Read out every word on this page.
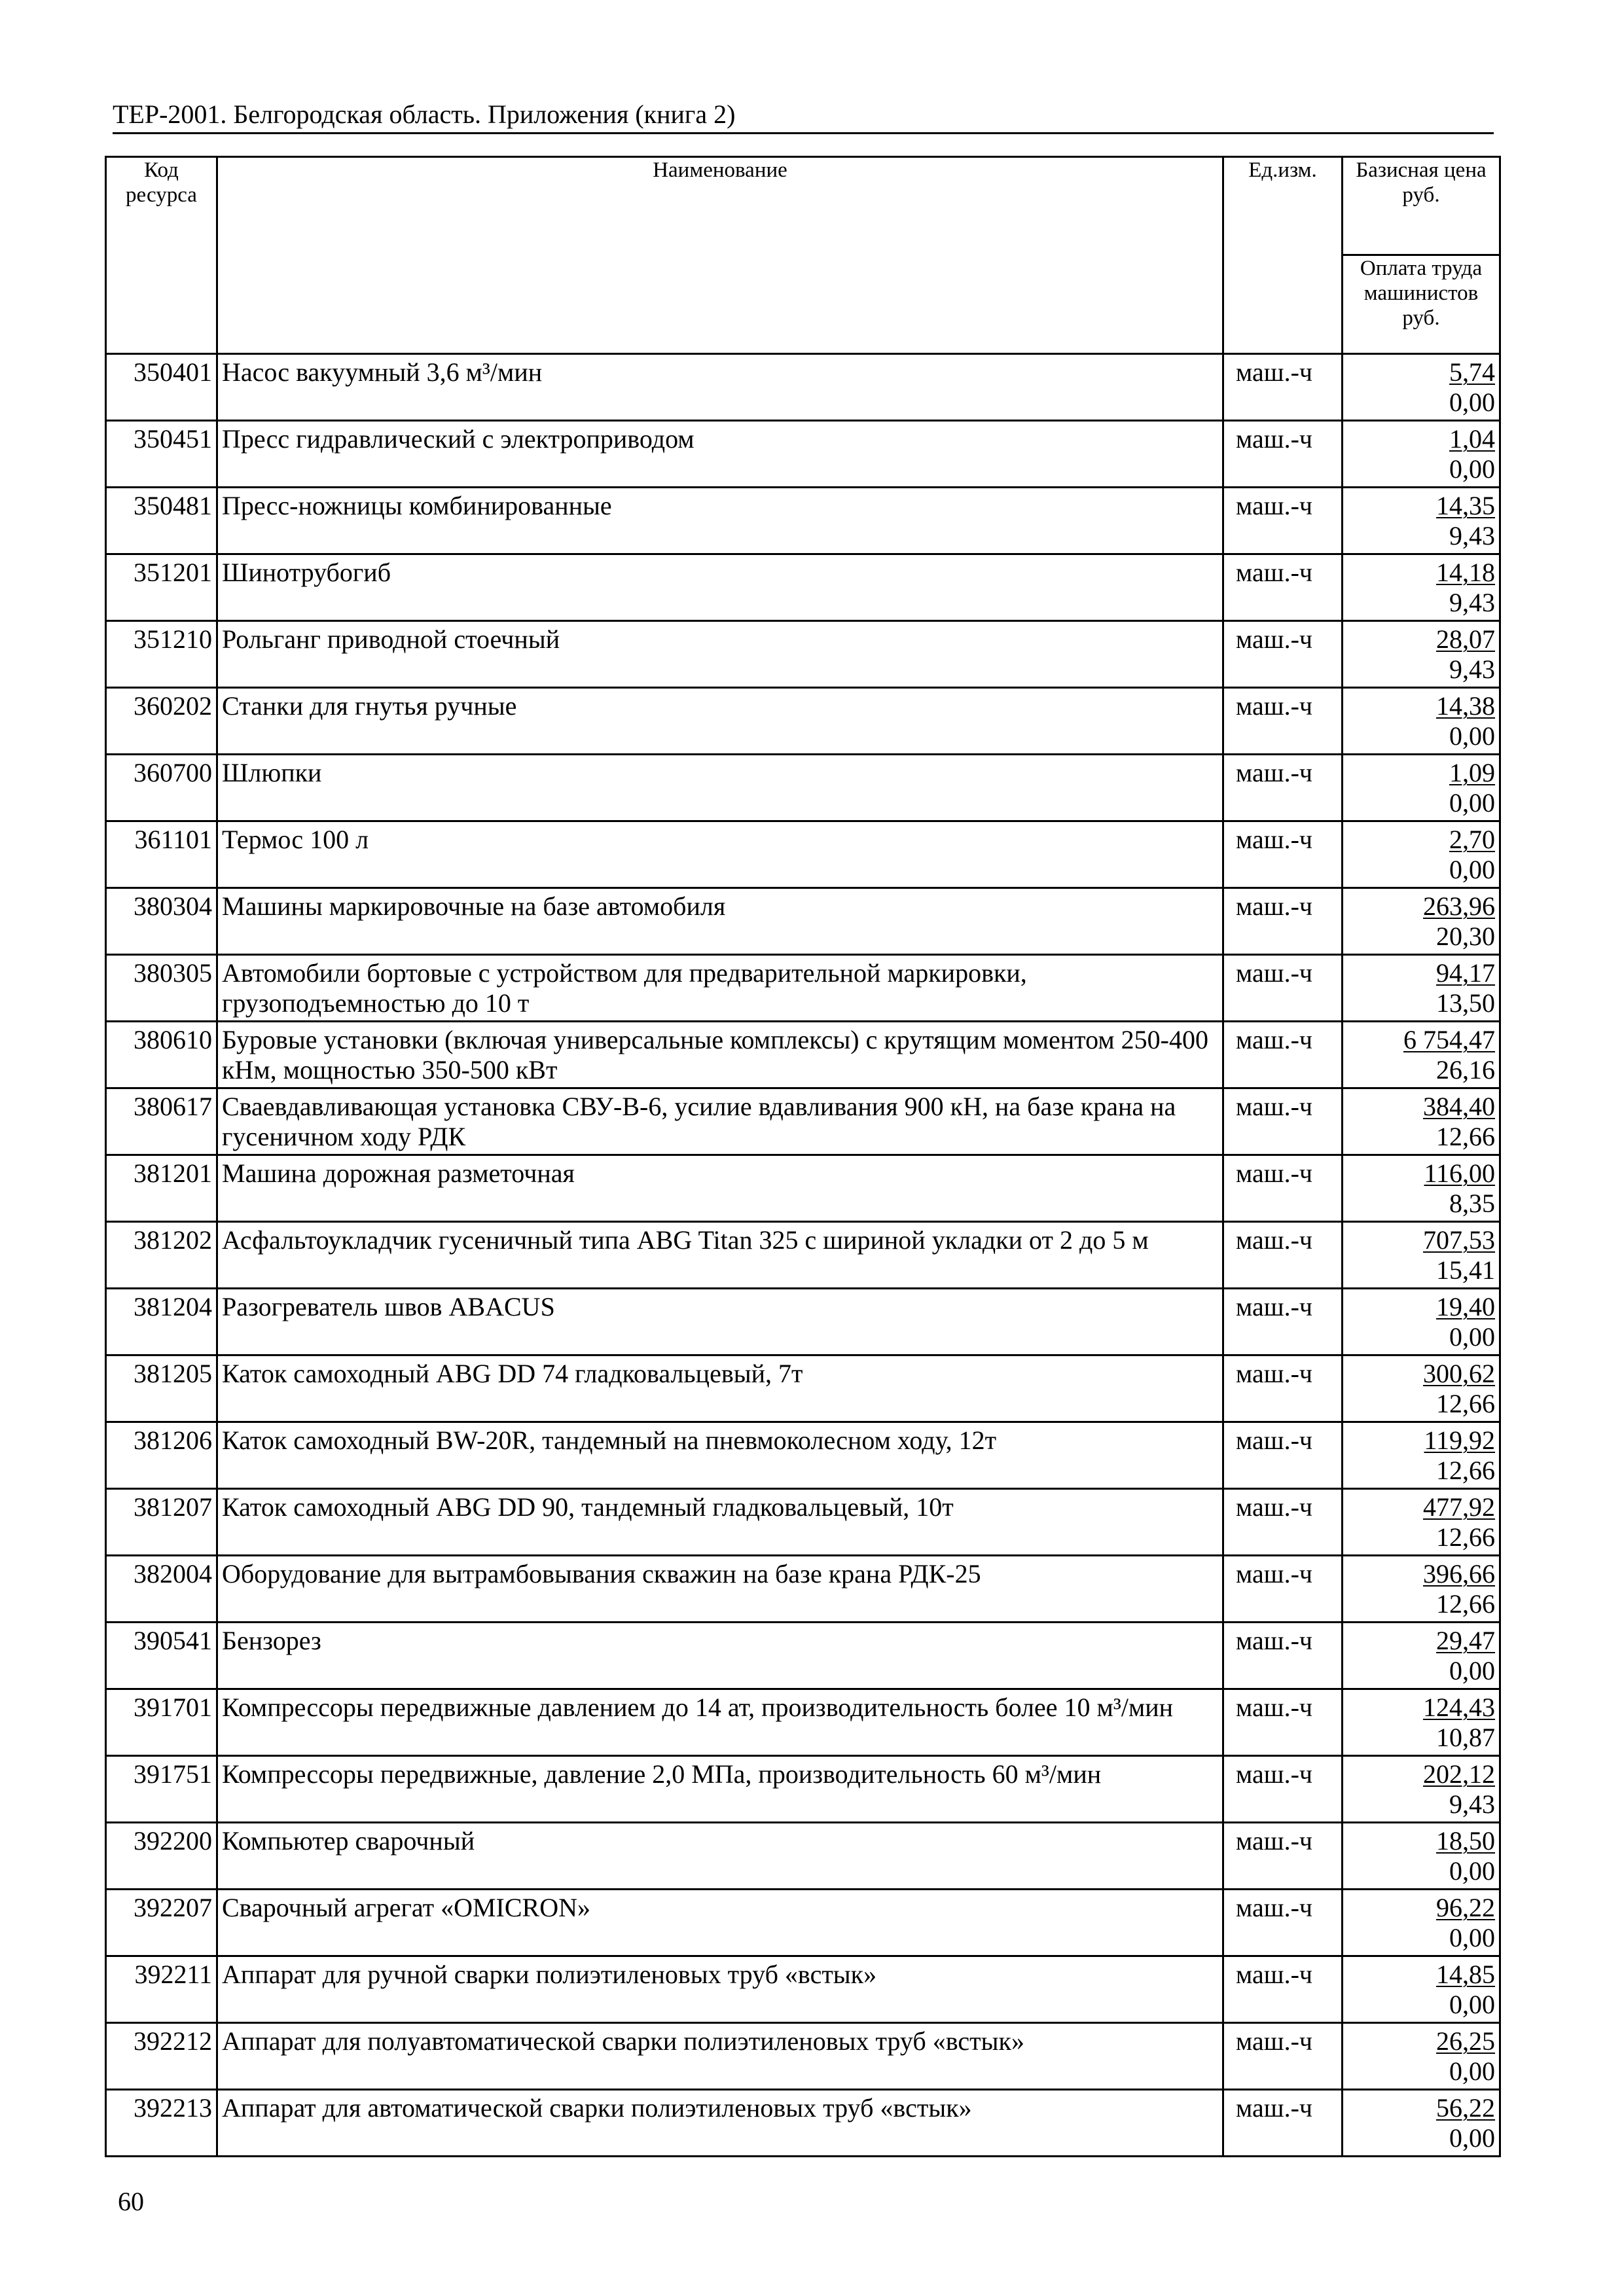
ТЕР-2001. Белгородская область. Приложения (книга 2)
Код ресурса	Наименование	Ед.изм.	Базисная цена руб.
			Оплата труда машинистов руб.
350401	Насос вакуумный 3,6 м³/мин	маш.-ч	5,74
0,00

350451	Пресс гидравлический с электроприводом	маш.-ч	1,04
0,00

350481	Пресс-ножницы комбинированные	маш.-ч	14,35
9,43

351201	Шинотрубогиб	маш.-ч	14,18
9,43

351210	Рольганг приводной стоечный	маш.-ч	28,07
9,43

360202	Станки для гнутья ручные	маш.-ч	14,38
0,00

360700	Шлюпки	маш.-ч	1,09
0,00

361101	Термос 100 л	маш.-ч	2,70
0,00

380304	Машины маркировочные на базе автомобиля	маш.-ч	263,96
20,30

380305	Автомобили бортовые с устройством для предварительной маркировки, грузоподъемностью до 10 т	маш.-ч	94,17
13,50

380610	Буровые установки (включая универсальные комплексы) с крутящим моментом 250-400 кНм, мощностью 350-500 кВт	маш.-ч	6 754,47
26,16

380617	Сваевдавливающая установка СВУ-В-6, усилие вдавливания 900 кН, на базе крана на гусеничном ходу РДК	маш.-ч	384,40
12,66

381201	Машина дорожная разметочная	маш.-ч	116,00
8,35

381202	Асфальтоукладчик гусеничный типа ABG Titan 325 с шириной укладки от 2 до 5 м	маш.-ч	707,53
15,41

381204	Разогреватель швов ABACUS	маш.-ч	19,40
0,00

381205	Каток самоходный ABG DD 74 гладковальцевый, 7т	маш.-ч	300,62
12,66

381206	Каток самоходный BW-20R, тандемный на пневмоколесном ходу, 12т	маш.-ч	119,92
12,66

381207	Каток самоходный ABG DD 90, тандемный гладковальцевый, 10т	маш.-ч	477,92
12,66

382004	Оборудование для вытрамбовывания скважин на базе крана РДК-25	маш.-ч	396,66
12,66

390541	Бензорез	маш.-ч	29,47
0,00

391701	Компрессоры передвижные давлением до 14 ат, производительность более 10 м³/мин	маш.-ч	124,43
10,87

391751	Компрессоры передвижные, давление 2,0 МПа, производительность 60 м³/мин	маш.-ч	202,12
9,43

392200	Компьютер сварочный	маш.-ч	18,50
0,00

392207	Сварочный агрегат «OMICRON»	маш.-ч	96,22
0,00

392211	Аппарат для ручной сварки полиэтиленовых труб «встык»	маш.-ч	14,85
0,00

392212	Аппарат для полуавтоматической сварки полиэтиленовых труб «встык»	маш.-ч	26,25
0,00

392213	Аппарат для автоматической сварки полиэтиленовых труб «встык»	маш.-ч	56,22
0,00
60
